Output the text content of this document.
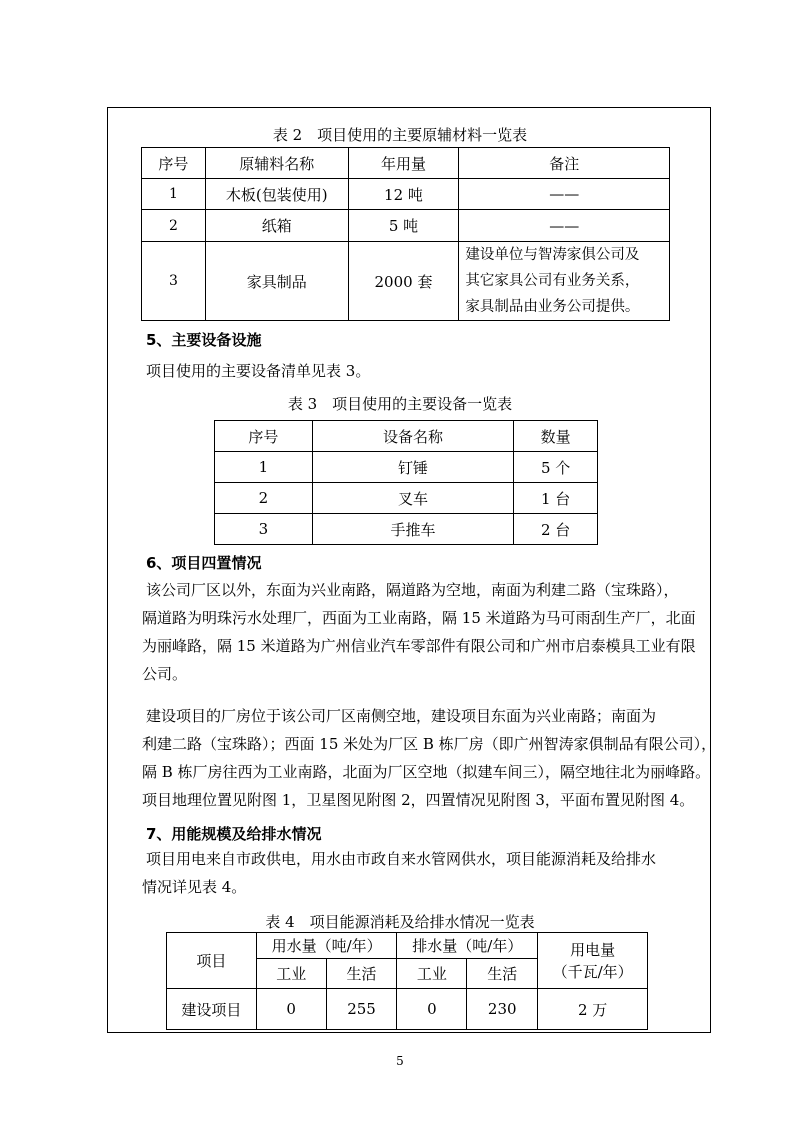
表 2　项目使用的主要原辅材料一览表
序号	原辅料名称	年用量	备注
1	木板(包装使用)	12 吨	——
2	纸箱	5 吨	——
3	家具制品	2000 套	建设单位与智涛家俱公司及
其它家具公司有业务关系，
家具制品由业务公司提供。
5、主要设备设施
项目使用的主要设备清单见表 3。
表 3　项目使用的主要设备一览表
序号	设备名称	数量
1	钉锤	5 个
2	叉车	1 台
3	手推车	2 台
6、项目四置情况
该公司厂区以外，东面为兴业南路，隔道路为空地，南面为利建二路（宝珠路），
隔道路为明珠污水处理厂，西面为工业南路，隔 15 米道路为马可雨刮生产厂，北面
为丽峰路，隔 15 米道路为广州信业汽车零部件有限公司和广州市启泰模具工业有限
公司。
建设项目的厂房位于该公司厂区南侧空地，建设项目东面为兴业南路；南面为
利建二路（宝珠路）；西面 15 米处为厂区 B 栋厂房（即广州智涛家俱制品有限公司），
隔 B 栋厂房往西为工业南路，北面为厂区空地（拟建车间三），隔空地往北为丽峰路。
项目地理位置见附图 1，卫星图见附图 2，四置情况见附图 3，平面布置见附图 4。
7、用能规模及给排水情况
项目用电来自市政供电，用水由市政自来水管网供水，项目能源消耗及给排水
情况详见表 4。
表 4　项目能源消耗及给排水情况一览表
项目	用水量（吨/年）		排水量（吨/年）		用电量
（千瓦/年）

	工业	生活	工业	生活	
建设项目	0	255	0	230	2 万
5
